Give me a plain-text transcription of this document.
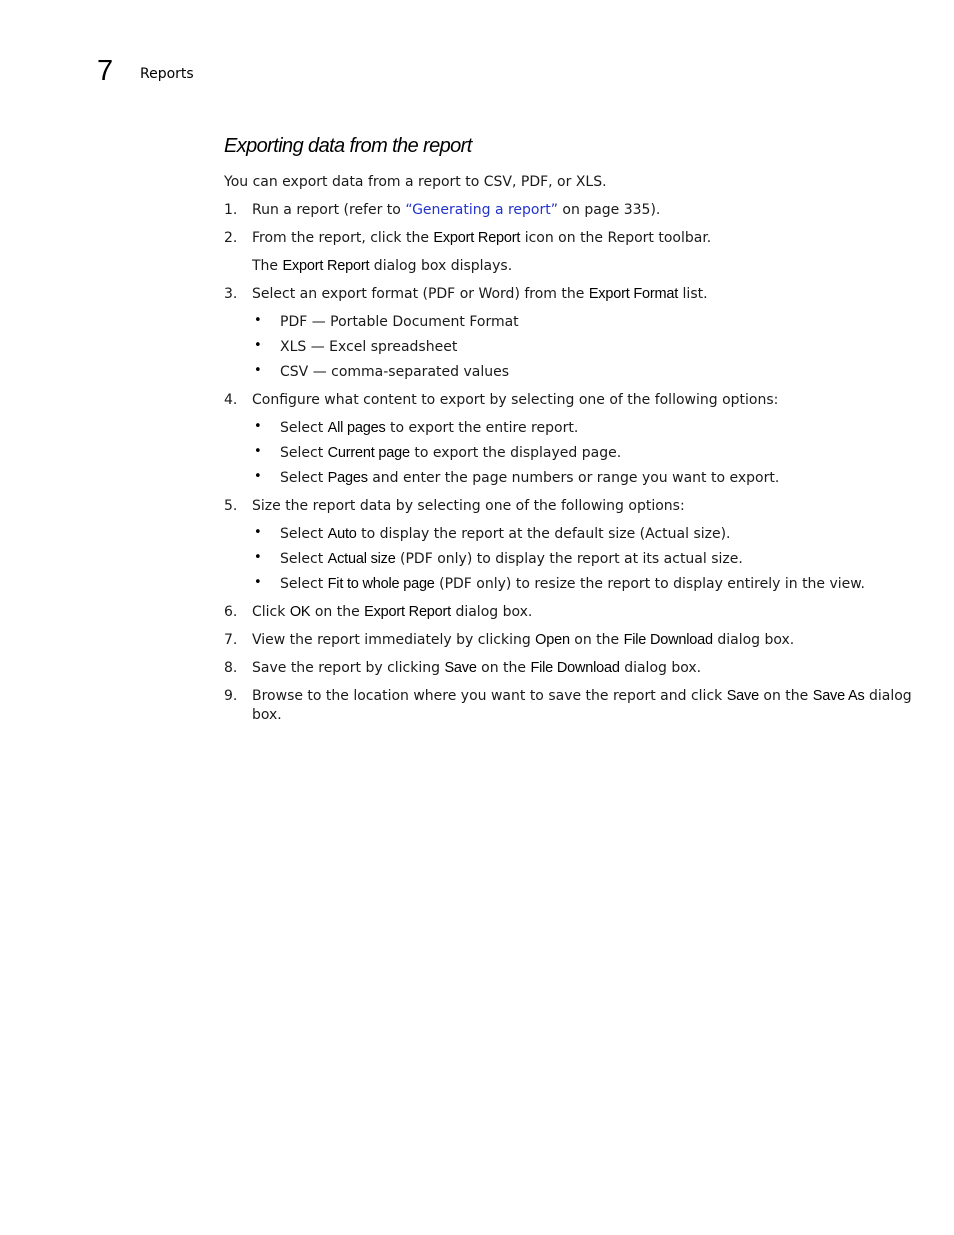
7 Reports
Exporting data from the report
You can export data from a report to CSV, PDF, or XLS.
1. Run a report (refer to “Generating a report” on page 335).
2. From the report, click the Export Report icon on the Report toolbar.
The Export Report dialog box displays.
3. Select an export format (PDF or Word) from the Export Format list.
• PDF — Portable Document Format
• XLS — Excel spreadsheet
• CSV — comma-separated values
4. Configure what content to export by selecting one of the following options:
• Select All pages to export the entire report.
• Select Current page to export the displayed page.
• Select Pages and enter the page numbers or range you want to export.
5. Size the report data by selecting one of the following options:
• Select Auto to display the report at the default size (Actual size).
• Select Actual size (PDF only) to display the report at its actual size.
• Select Fit to whole page (PDF only) to resize the report to display entirely in the view.
6. Click OK on the Export Report dialog box.
7. View the report immediately by clicking Open on the File Download dialog box.
8. Save the report by clicking Save on the File Download dialog box.
9. Browse to the location where you want to save the report and click Save on the Save As dialog
box.
